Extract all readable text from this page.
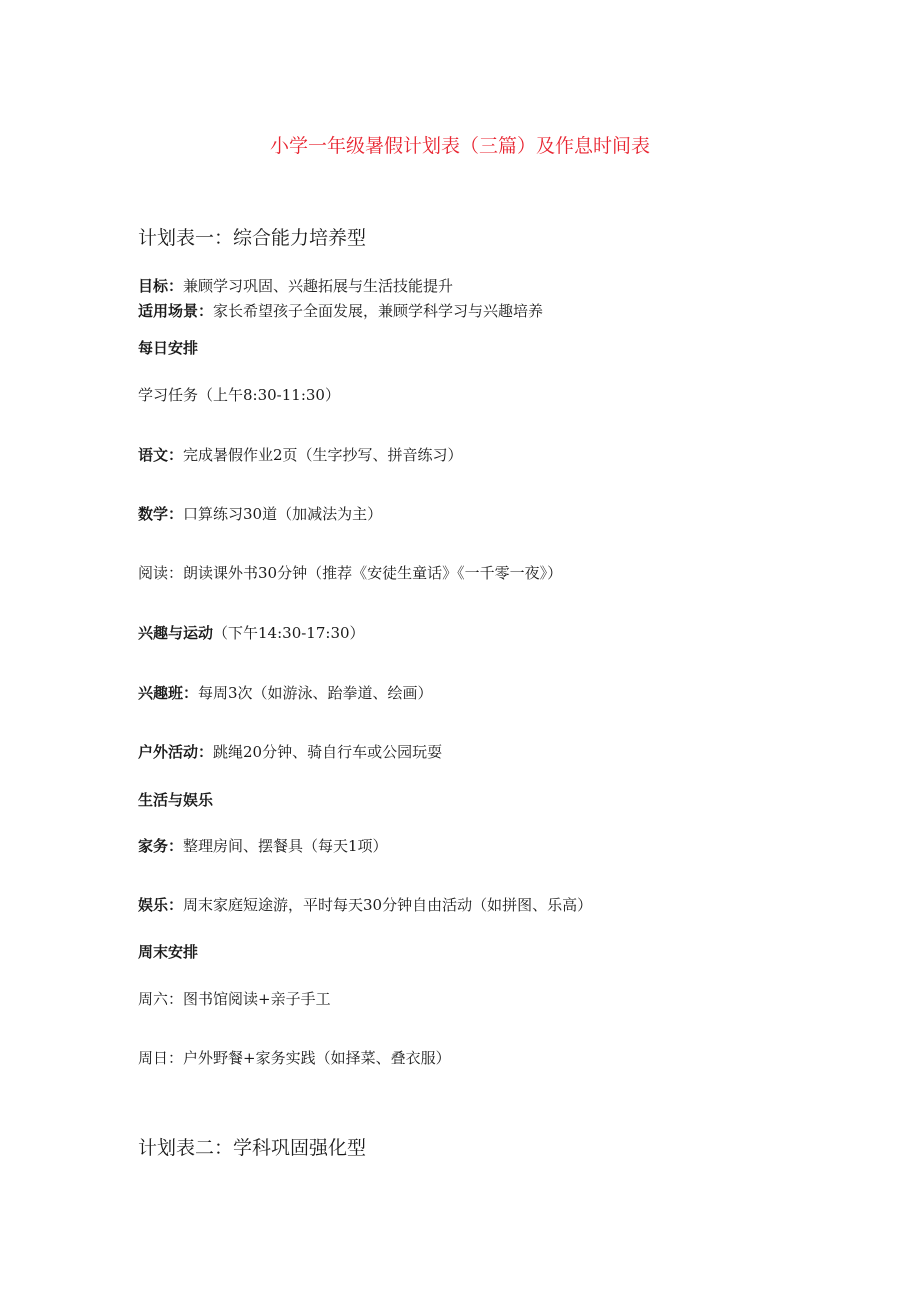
小学一年级暑假计划表（三篇）及作息时间表
计划表一：综合能力培养型
目标：兼顾学习巩固、兴趣拓展与生活技能提升
适用场景：家长希望孩子全面发展，兼顾学科学习与兴趣培养
每日安排
学习任务（上午8:30-11:30）
语文：完成暑假作业2页（生字抄写、拼音练习）
数学：口算练习30道（加减法为主）
阅读：朗读课外书30分钟（推荐《安徒生童话》《一千零一夜》）
兴趣与运动（下午14:30-17:30）
兴趣班：每周3次（如游泳、跆拳道、绘画）
户外活动：跳绳20分钟、骑自行车或公园玩耍
生活与娱乐
家务：整理房间、摆餐具（每天1项）
娱乐：周末家庭短途游，平时每天30分钟自由活动（如拼图、乐高）
周末安排
周六：图书馆阅读+亲子手工
周日：户外野餐+家务实践（如择菜、叠衣服）
计划表二：学科巩固强化型
